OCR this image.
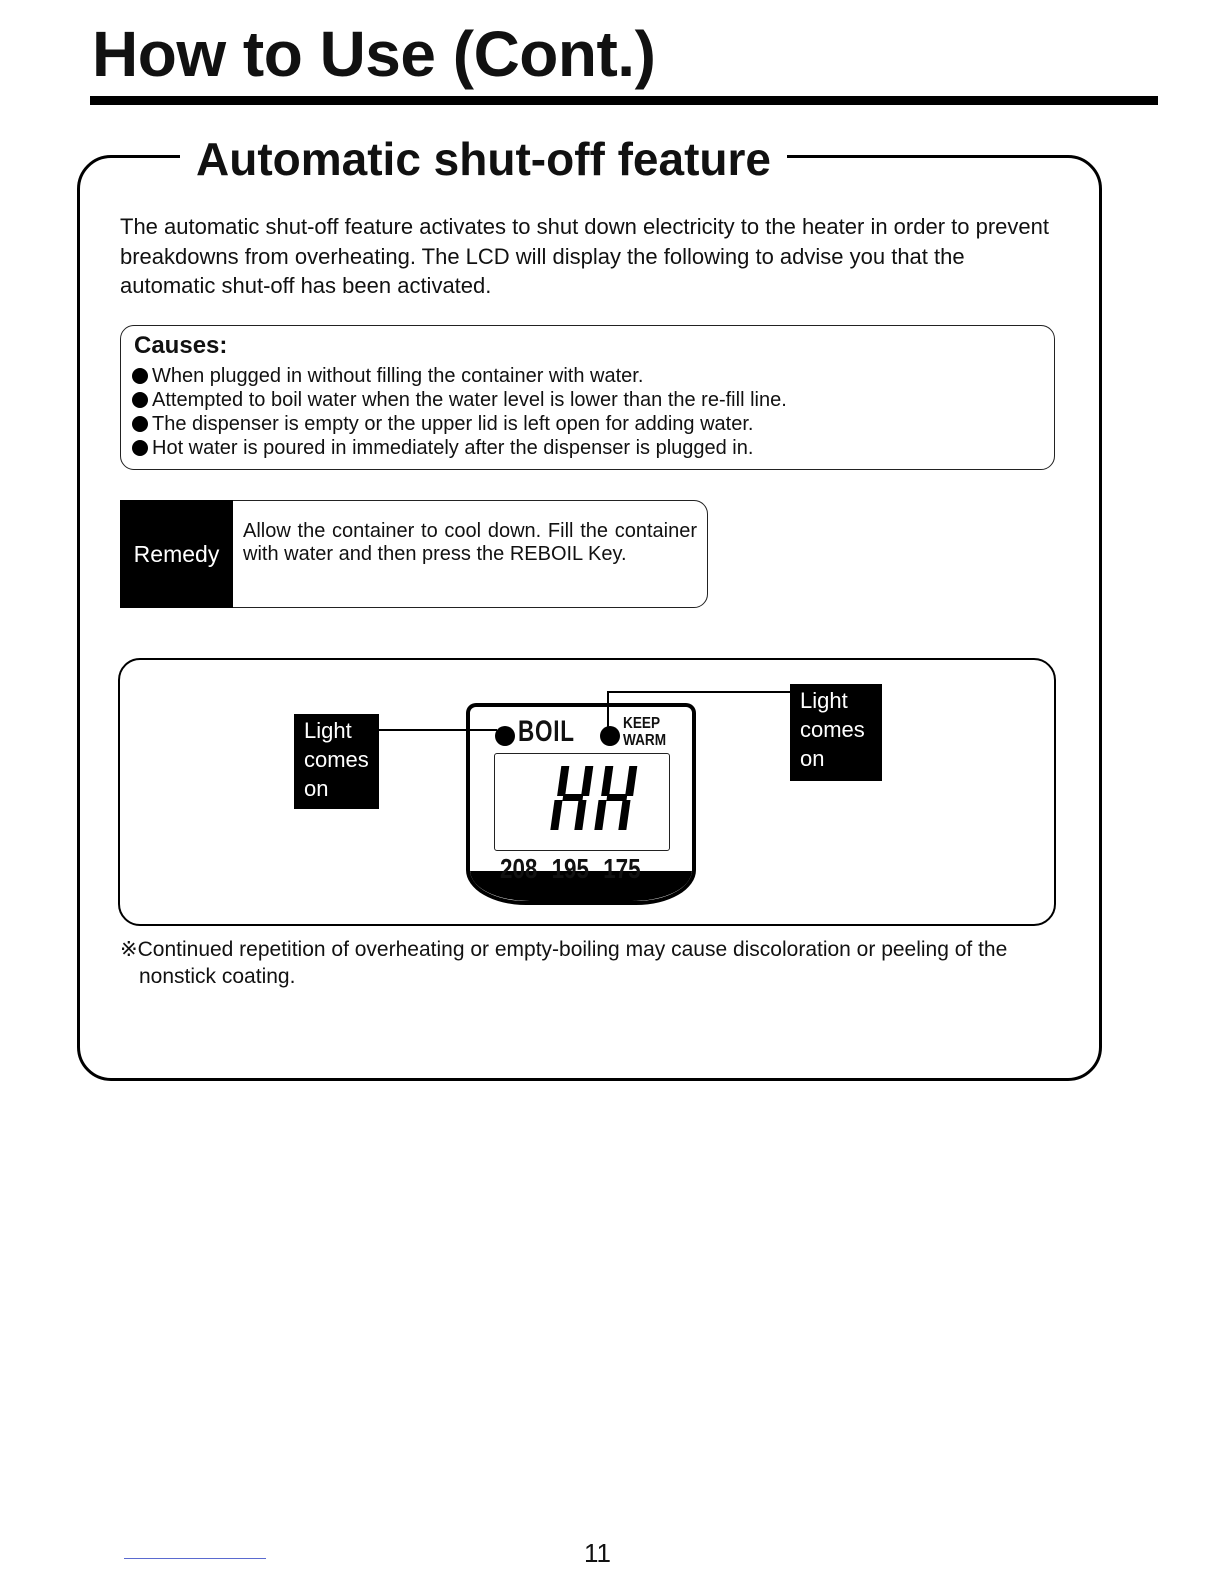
How to Use (Cont.)
Automatic shut-off feature

The automatic shut-off feature activates to shut down electricity to the heater in order to prevent breakdowns from overheating. The LCD will display the following to advise you that the automatic shut-off has been activated.

Causes:
When plugged in without filling the container with water.
Attempted to boil water when the water level is lower than the re-fill line.
The dispenser is empty or the upper lid is left open for adding water.
Hot water is poured in immediately after the dispenser is plugged in.
Remedy

Allow the container to cool down. Fill the container with water and then press the REBOIL Key.

Light
comes
on
Light
comes
on
BOIL	KEEP
WARM
208 195 175

※Continued repetition of overheating or empty-boiling may cause discoloration or peeling of the
nonstick coating.

11
